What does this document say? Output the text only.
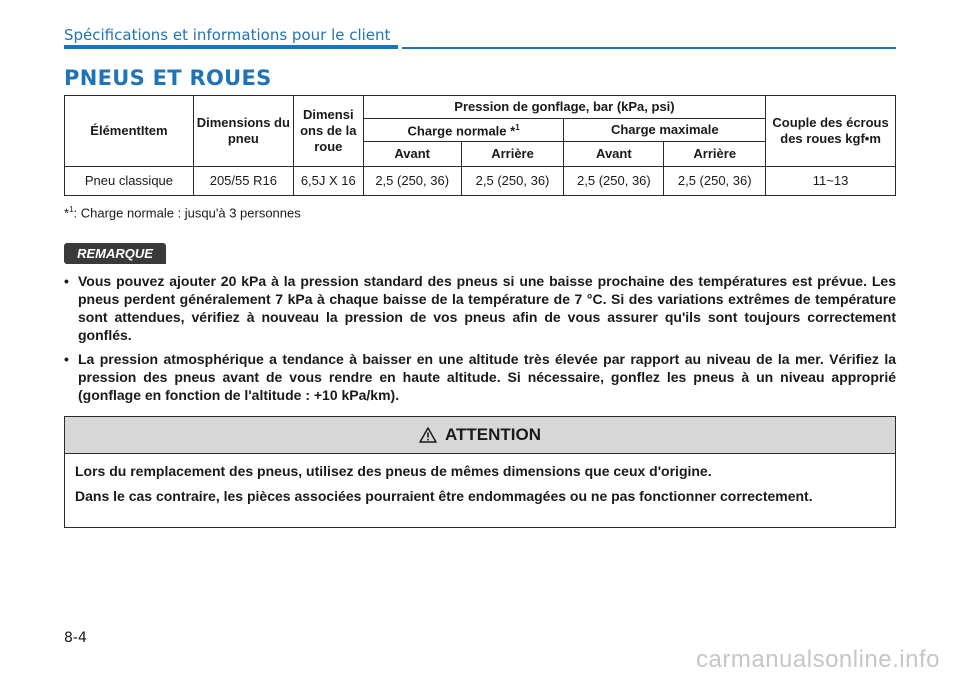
Spécifications et informations pour le client
PNEUS ET ROUES
ÉlémentItem	Dimensions du pneu	Dimensi ons de la roue	Pression de gonflage, bar (kPa, psi)				Couple des écrous des roues kgf•m
			Charge normale *$^1$		Charge maximale		
			Avant	Arrière	Avant	Arrière	
Pneu classique	205/55 R16	6,5J X 16	2,5 (250, 36)	2,5 (250, 36)	2,5 (250, 36)	2,5 (250, 36)	11~13
*$^1$: Charge normale : jusqu'à 3 personnes
REMARQUE
• Vous pouvez ajouter 20 kPa à la pression standard des pneus si une baisse prochaine des températures est prévue. Les pneus perdent généralement 7 kPa à chaque baisse de la température de 7 °C. Si des variations extrêmes de température sont attendues, vérifiez à nouveau la pression de vos pneus afin de vous assurer qu'ils sont toujours correctement gonflés.
• La pression atmosphérique a tendance à baisser en une altitude très élevée par rapport au niveau de la mer. Vérifiez la pression des pneus avant de vous rendre en haute altitude. Si nécessaire, gonflez les pneus à un niveau approprié (gonflage en fonction de l'altitude : +10 kPa/km).
ATTENTION

Lors du remplacement des pneus, utilisez des pneus de mêmes dimensions que ceux d'origine.

Dans le cas contraire, les pièces associées pourraient être endommagées ou ne pas fonctionner correctement.

8-4
carmanualsonline.info
